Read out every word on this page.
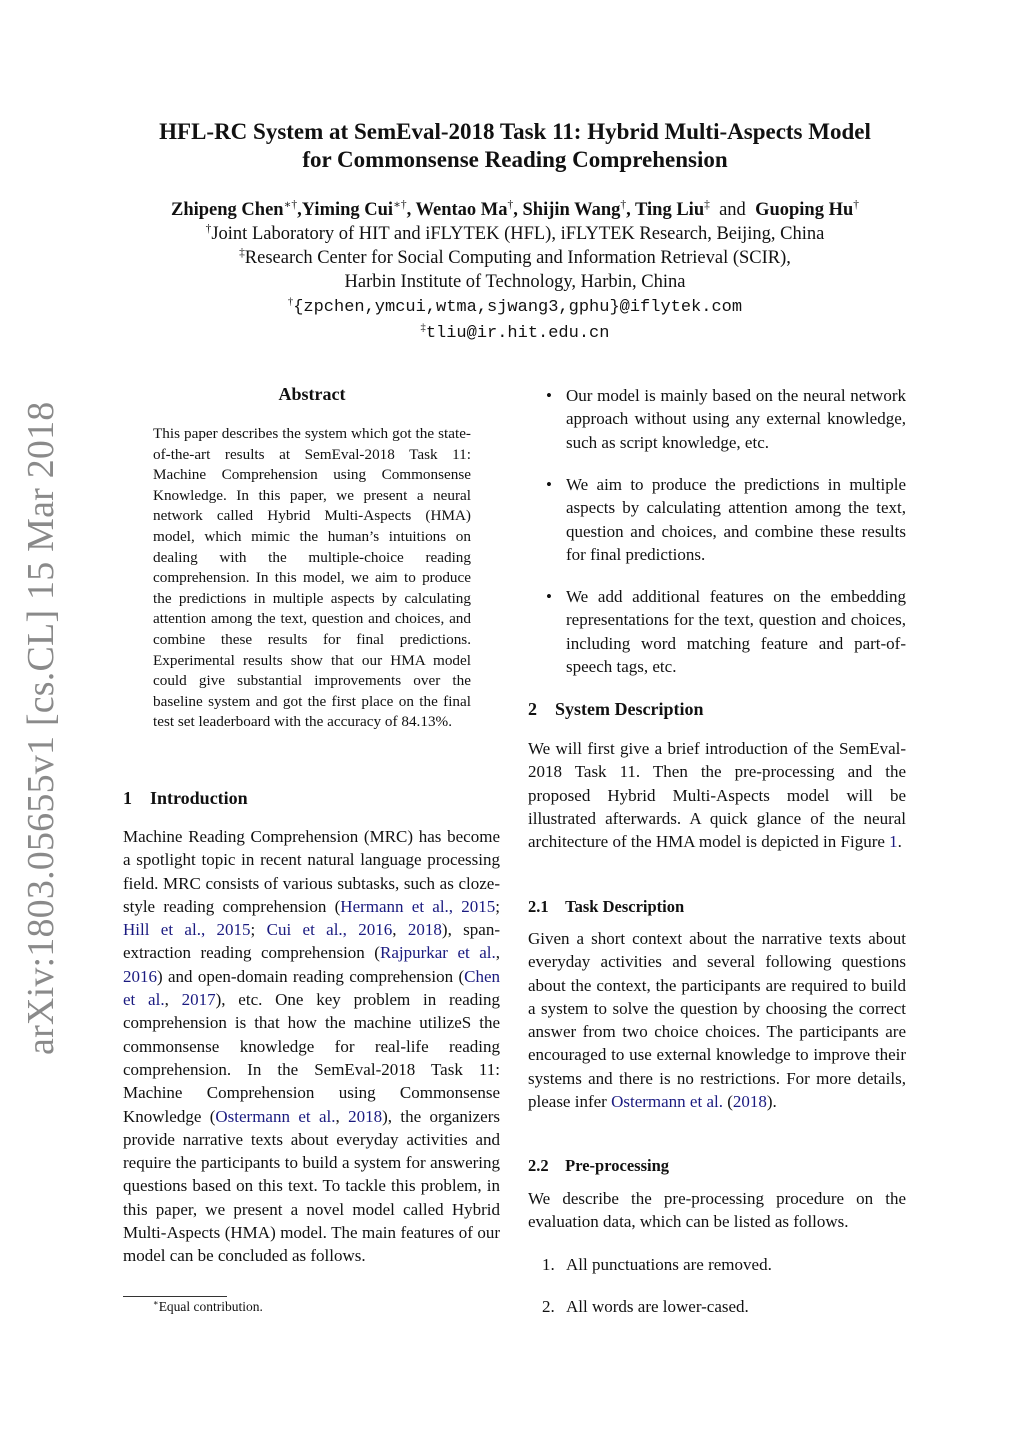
arXiv:1803.05655v1 [cs.CL] 15 Mar 2018
HFL-RC System at SemEval-2018 Task 11: Hybrid Multi-Aspects Model
for Commonsense Reading Comprehension
Zhipeng Chen∗†,Yiming Cui∗†, Wentao Ma†, Shijin Wang†, Ting Liu‡ and Guoping Hu†
†Joint Laboratory of HIT and iFLYTEK (HFL), iFLYTEK Research, Beijing, China
‡Research Center for Social Computing and Information Retrieval (SCIR),
Harbin Institute of Technology, Harbin, China
†{zpchen,ymcui,wtma,sjwang3,gphu}@iflytek.com
‡tliu@ir.hit.edu.cn
Abstract
This paper describes the system which got the state-of-the-art results at SemEval-2018 Task 11: Machine Comprehension using Commonsense Knowledge. In this paper, we present a neural network called Hybrid Multi-Aspects (HMA) model, which mimic the human’s intuitions on dealing with the multiple-choice reading comprehension. In this model, we aim to produce the predictions in multiple aspects by calculating attention among the text, question and choices, and combine these results for final predictions. Experimental results show that our HMA model could give substantial improvements over the baseline system and got the first place on the final test set leaderboard with the accuracy of 84.13%.
1 Introduction
Machine Reading Comprehension (MRC) has become a spotlight topic in recent natural language processing field. MRC consists of various subtasks, such as cloze-style reading comprehension (Hermann et al., 2015; Hill et al., 2015; Cui et al., 2016, 2018), span-extraction reading comprehension (Rajpurkar et al., 2016) and open-domain reading comprehension (Chen et al., 2017), etc. One key problem in reading comprehension is that how the machine utilizeS the commonsense knowledge for real-life reading comprehension. In the SemEval-2018 Task 11: Machine Comprehension using Commonsense Knowledge (Ostermann et al., 2018), the organizers provide narrative texts about everyday activities and require the participants to build a system for answering questions based on this text. To tackle this problem, in this paper, we present a novel model called Hybrid Multi-Aspects (HMA) model. The main features of our model can be concluded as follows.
∗Equal contribution.
• Our model is mainly based on the neural network approach without using any external knowledge, such as script knowledge, etc.
• We aim to produce the predictions in multiple aspects by calculating attention among the text, question and choices, and combine these results for final predictions.
• We add additional features on the embedding representations for the text, question and choices, including word matching feature and part-of-speech tags, etc.
2 System Description
We will first give a brief introduction of the SemEval-2018 Task 11. Then the pre-processing and the proposed Hybrid Multi-Aspects model will be illustrated afterwards. A quick glance of the neural architecture of the HMA model is depicted in Figure 1.
2.1 Task Description
Given a short context about the narrative texts about everyday activities and several following questions about the context, the participants are required to build a system to solve the question by choosing the correct answer from two choice choices. The participants are encouraged to use external knowledge to improve their systems and there is no restrictions. For more details, please infer Ostermann et al. (2018).
2.2 Pre-processing
We describe the pre-processing procedure on the evaluation data, which can be listed as follows.
1. All punctuations are removed.
2. All words are lower-cased.
